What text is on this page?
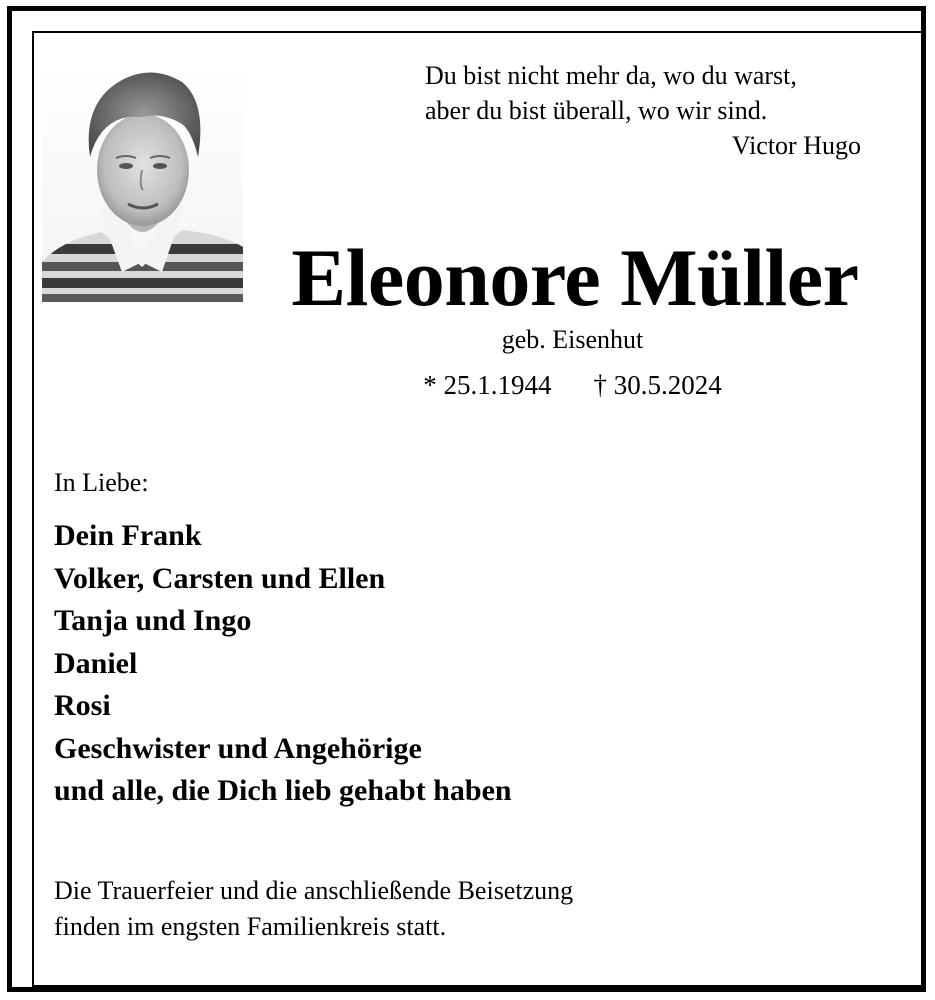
Du bist nicht mehr da, wo du warst,
aber du bist überall, wo wir sind.
Victor Hugo
Eleonore Müller
geb. Eisenhut
* 25.1.1944 † 30.5.2024
In Liebe:
Dein Frank
Volker, Carsten und Ellen
Tanja und Ingo
Daniel
Rosi
Geschwister und Angehörige
und alle, die Dich lieb gehabt haben
Die Trauerfeier und die anschließende Beisetzung
finden im engsten Familienkreis statt.
